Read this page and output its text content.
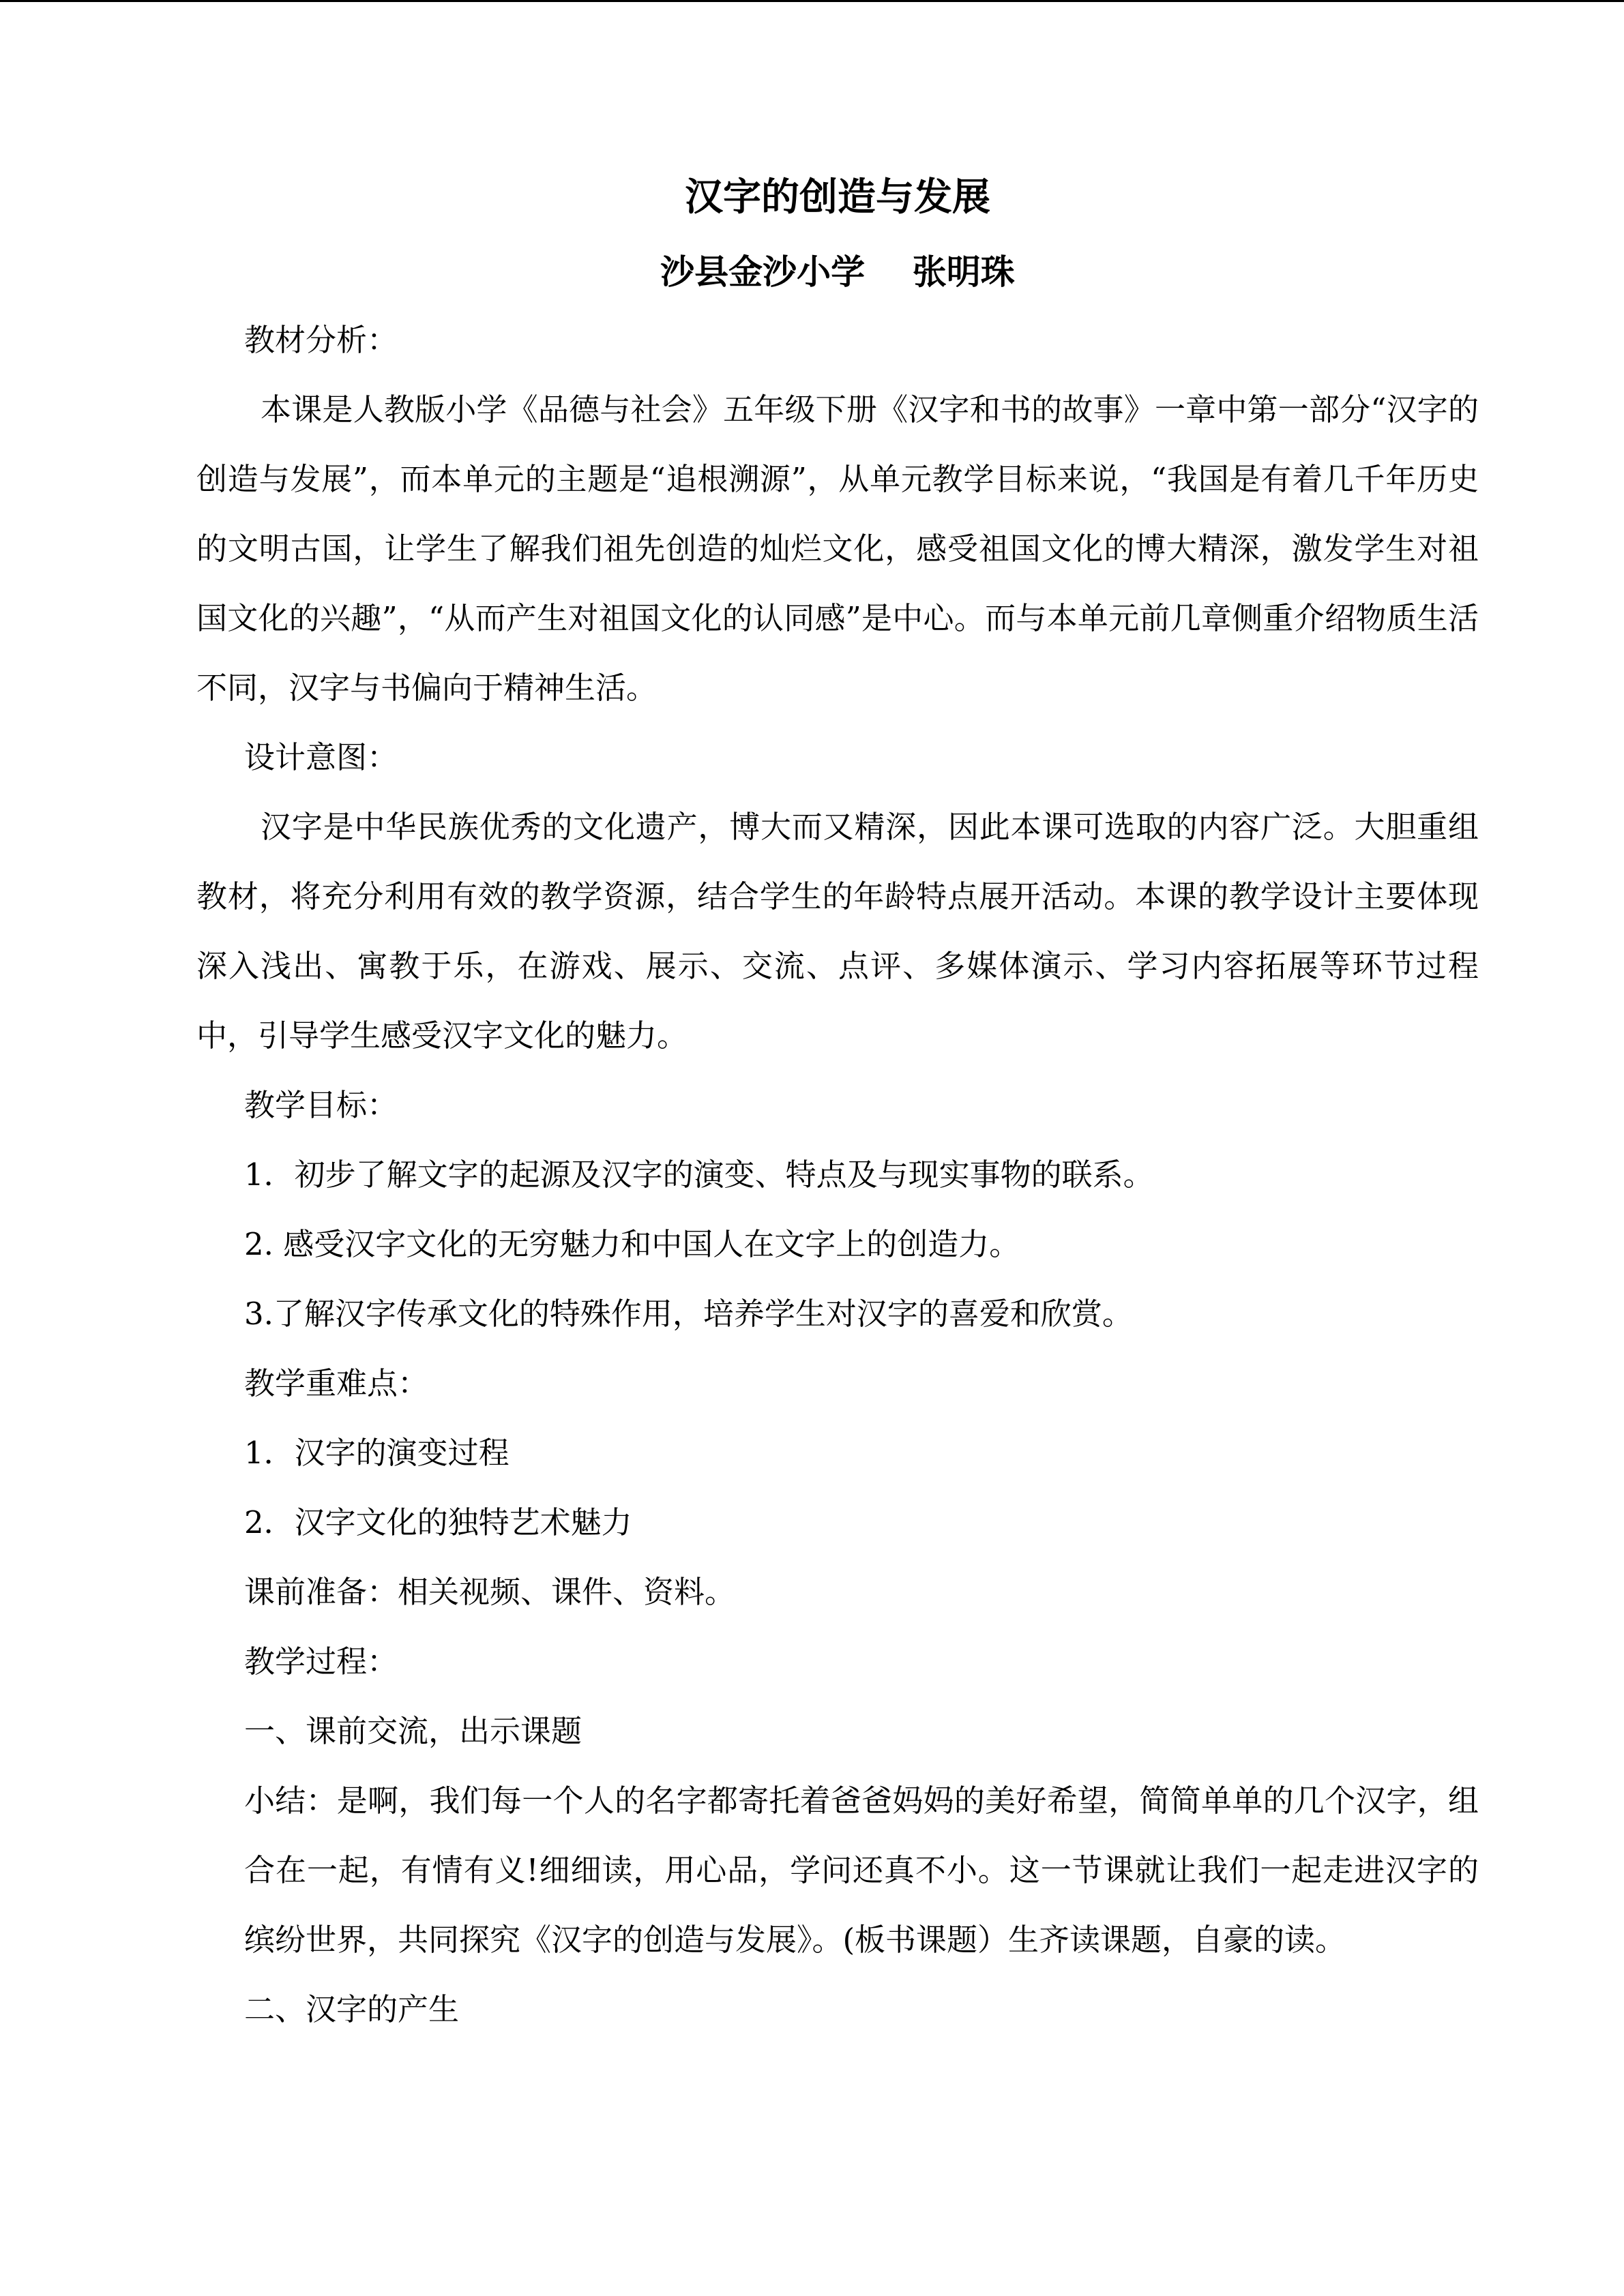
汉字的创造与发展
沙县金沙小学    张明珠

教材分析：

本课是人教版小学《品德与社会》五年级下册《汉字和书的故事》一章中第一部分“汉字的创造与发展”，而本单元的主题是“追根溯源”，从单元教学目标来说，“我国是有着几千年历史的文明古国，让学生了解我们祖先创造的灿烂文化，感受祖国文化的博大精深，激发学生对祖国文化的兴趣”，“从而产生对祖国文化的认同感”是中心。而与本单元前几章侧重介绍物质生活不同，汉字与书偏向于精神生活。

设计意图：

汉字是中华民族优秀的文化遗产，博大而又精深，因此本课可选取的内容广泛。大胆重组教材，将充分利用有效的教学资源，结合学生的年龄特点展开活动。本课的教学设计主要体现深入浅出、寓教于乐，在游戏、展示、交流、点评、多媒体演示、学习内容拓展等环节过程中，引导学生感受汉字文化的魅力。

教学目标：

1．初步了解文字的起源及汉字的演变、特点及与现实事物的联系。

2. 感受汉字文化的无穷魅力和中国人在文字上的创造力。

3.了解汉字传承文化的特殊作用，培养学生对汉字的喜爱和欣赏。

教学重难点：

1．汉字的演变过程

2．汉字文化的独特艺术魅力

课前准备：相关视频、课件、资料。

教学过程：

一、课前交流，出示课题

小结：是啊，我们每一个人的名字都寄托着爸爸妈妈的美好希望，简简单单的几个汉字，组合在一起，有情有义!细细读，用心品，学问还真不小。这一节课就让我们一起走进汉字的缤纷世界，共同探究《汉字的创造与发展》。(板书课题）生齐读课题，自豪的读。

二、汉字的产生
